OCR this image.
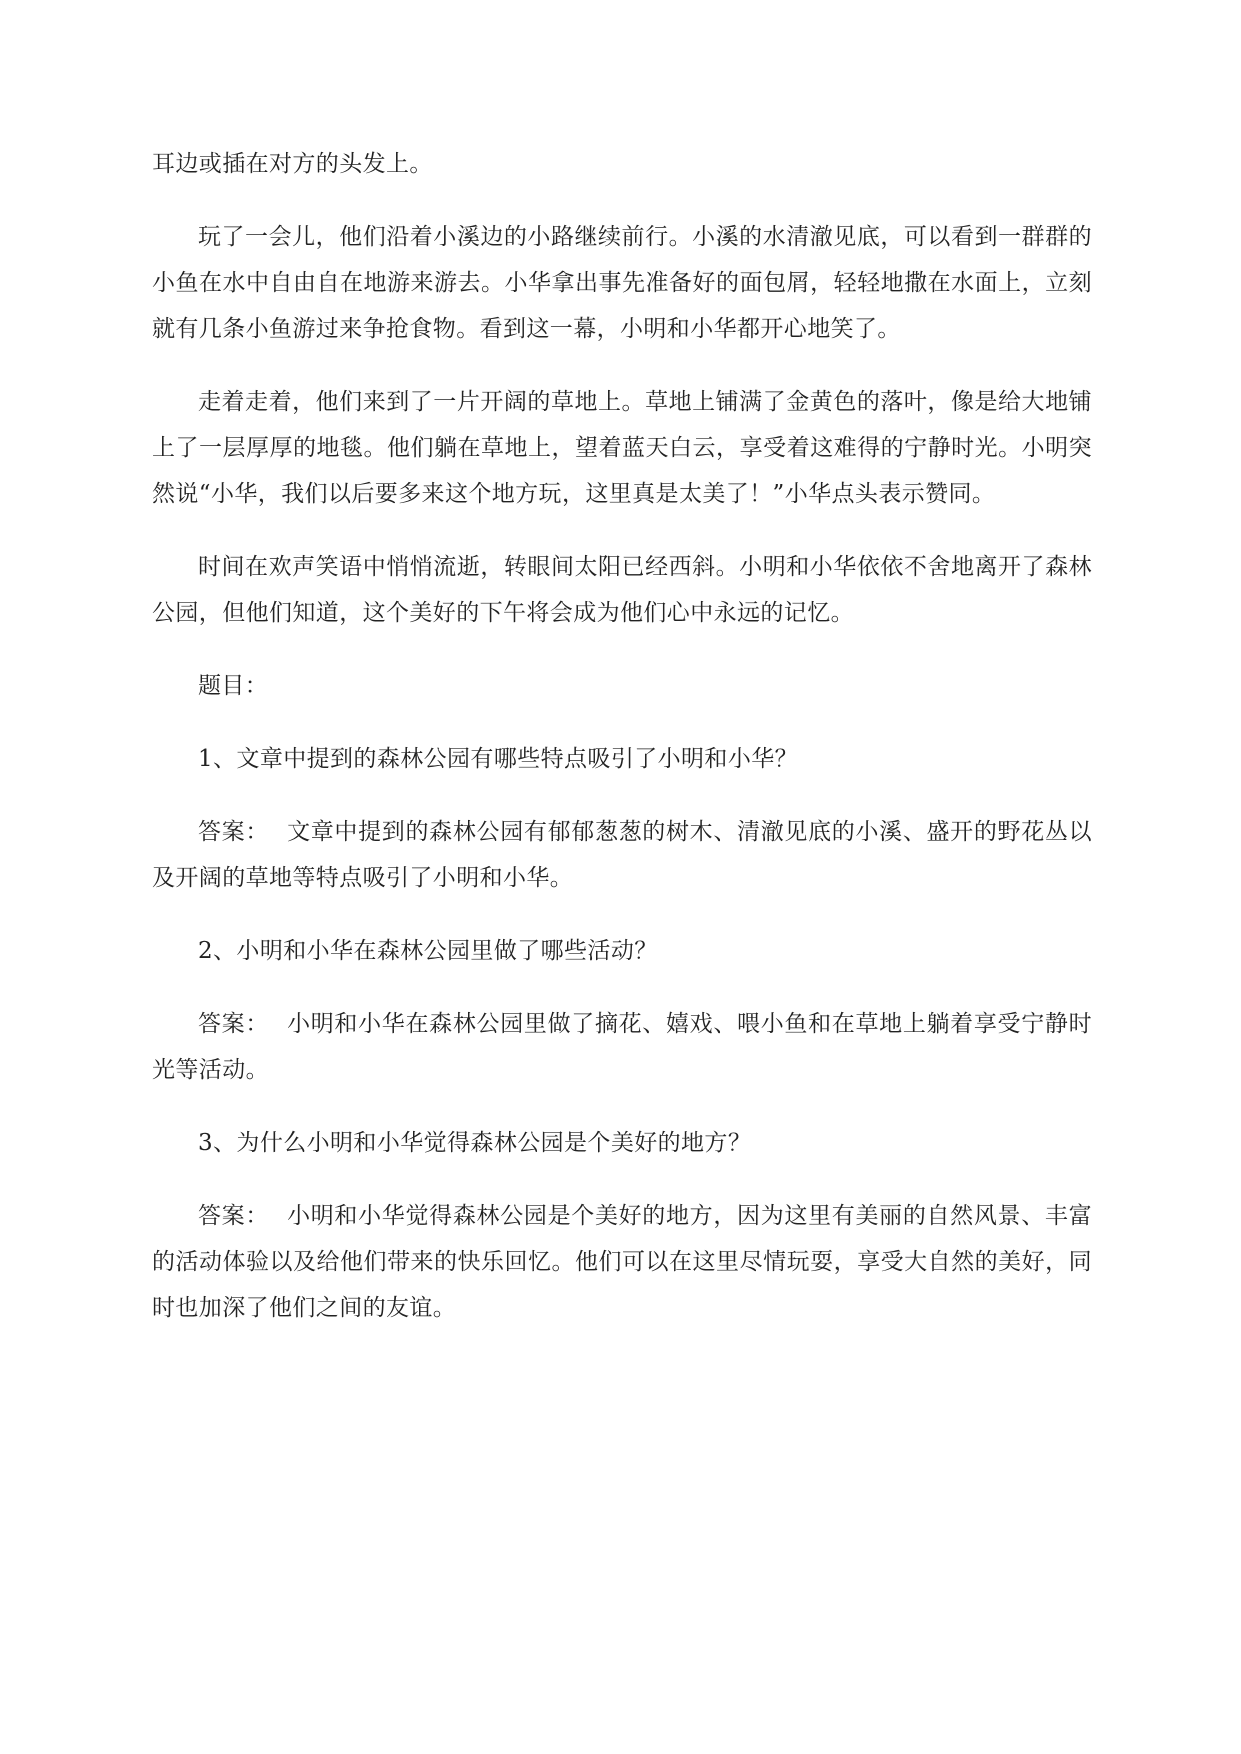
耳边或插在对方的头发上。

玩了一会儿，他们沿着小溪边的小路继续前行。小溪的水清澈见底，可以看到一群群的小鱼在水中自由自在地游来游去。小华拿出事先准备好的面包屑，轻轻地撒在水面上，立刻就有几条小鱼游过来争抢食物。看到这一幕，小明和小华都开心地笑了。

走着走着，他们来到了一片开阔的草地上。草地上铺满了金黄色的落叶，像是给大地铺上了一层厚厚的地毯。他们躺在草地上，望着蓝天白云，享受着这难得的宁静时光。小明突然说“小华，我们以后要多来这个地方玩，这里真是太美了！”小华点头表示赞同。

时间在欢声笑语中悄悄流逝，转眼间太阳已经西斜。小明和小华依依不舍地离开了森林公园，但他们知道，这个美好的下午将会成为他们心中永远的记忆。

题目：

1、文章中提到的森林公园有哪些特点吸引了小明和小华？

答案： 文章中提到的森林公园有郁郁葱葱的树木、清澈见底的小溪、盛开的野花丛以及开阔的草地等特点吸引了小明和小华。

2、小明和小华在森林公园里做了哪些活动？

答案： 小明和小华在森林公园里做了摘花、嬉戏、喂小鱼和在草地上躺着享受宁静时光等活动。

3、为什么小明和小华觉得森林公园是个美好的地方？

答案： 小明和小华觉得森林公园是个美好的地方，因为这里有美丽的自然风景、丰富的活动体验以及给他们带来的快乐回忆。他们可以在这里尽情玩耍，享受大自然的美好，同时也加深了他们之间的友谊。
